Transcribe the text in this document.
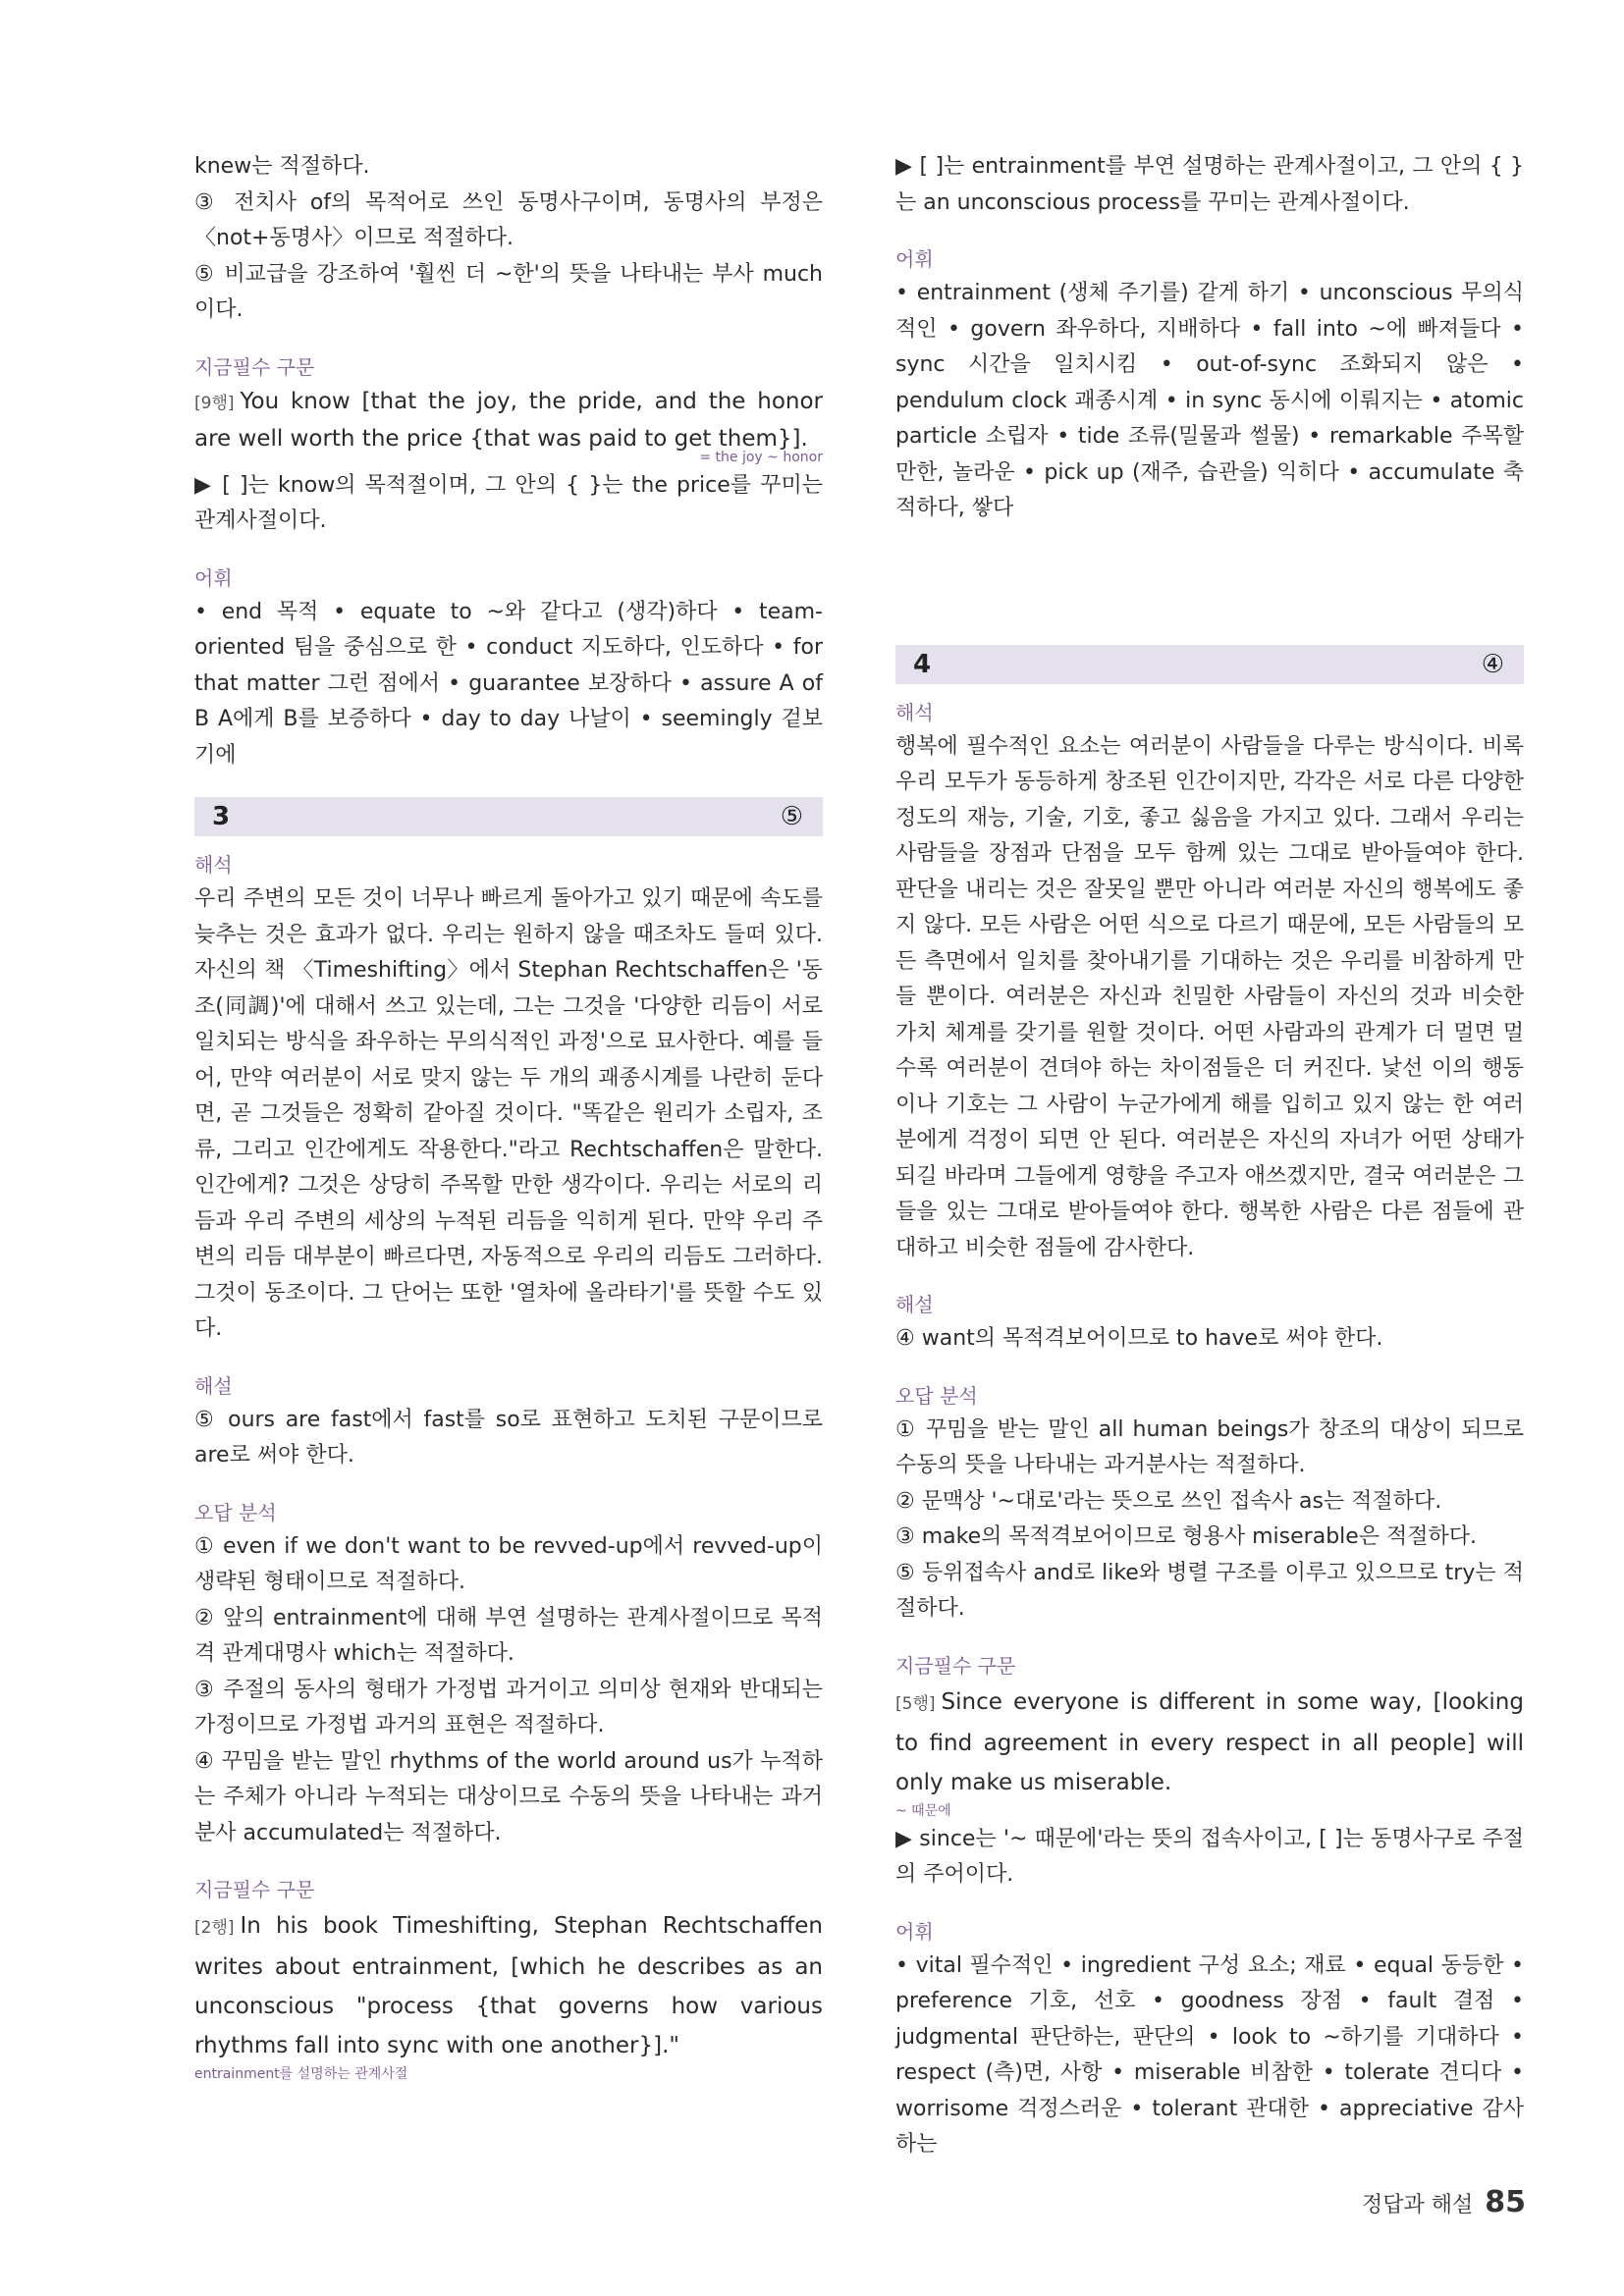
knew는 적절하다.

③ 전치사 of의 목적어로 쓰인 동명사구이며, 동명사의 부정은 〈not+동명사〉이므로 적절하다.

⑤ 비교급을 강조하여 '훨씬 더 ~한'의 뜻을 나타내는 부사 much이다.

지금필수 구문

[9행] You know [that the joy, the pride, and the honor are well worth the price {that was paid to get them}].

= the joy ~ honor

▶ [ ]는 know의 목적절이며, 그 안의 { }는 the price를 꾸미는 관계사절이다.

어휘

• end 목적 • equate to ~와 같다고 (생각)하다 • team-oriented 팀을 중심으로 한 • conduct 지도하다, 인도하다 • for that matter 그런 점에서 • guarantee 보장하다 • assure A of B A에게 B를 보증하다 • day to day 나날이 • seemingly 겉보기에

3	⑤
해석

우리 주변의 모든 것이 너무나 빠르게 돌아가고 있기 때문에 속도를 늦추는 것은 효과가 없다. 우리는 원하지 않을 때조차도 들떠 있다. 자신의 책 〈Timeshifting〉에서 Stephan Rechtschaffen은 '동조(同調)'에 대해서 쓰고 있는데, 그는 그것을 '다양한 리듬이 서로 일치되는 방식을 좌우하는 무의식적인 과정'으로 묘사한다. 예를 들어, 만약 여러분이 서로 맞지 않는 두 개의 괘종시계를 나란히 둔다면, 곧 그것들은 정확히 같아질 것이다. "똑같은 원리가 소립자, 조류, 그리고 인간에게도 작용한다."라고 Rechtschaffen은 말한다. 인간에게? 그것은 상당히 주목할 만한 생각이다. 우리는 서로의 리듬과 우리 주변의 세상의 누적된 리듬을 익히게 된다. 만약 우리 주변의 리듬 대부분이 빠르다면, 자동적으로 우리의 리듬도 그러하다. 그것이 동조이다. 그 단어는 또한 '열차에 올라타기'를 뜻할 수도 있다.

해설

⑤ ours are fast에서 fast를 so로 표현하고 도치된 구문이므로 are로 써야 한다.

오답 분석

① even if we don't want to be revved-up에서 revved-up이 생략된 형태이므로 적절하다.

② 앞의 entrainment에 대해 부연 설명하는 관계사절이므로 목적격 관계대명사 which는 적절하다.

③ 주절의 동사의 형태가 가정법 과거이고 의미상 현재와 반대되는 가정이므로 가정법 과거의 표현은 적절하다.

④ 꾸밈을 받는 말인 rhythms of the world around us가 누적하는 주체가 아니라 누적되는 대상이므로 수동의 뜻을 나타내는 과거분사 accumulated는 적절하다.

지금필수 구문

[2행] In his book Timeshifting, Stephan Rechtschaffen writes about entrainment, [which he describes as an unconscious "process {that governs how various rhythms fall into sync with one another}]."

entrainment를 설명하는 관계사절

▶ [ ]는 entrainment를 부연 설명하는 관계사절이고, 그 안의 { }는 an unconscious process를 꾸미는 관계사절이다.

어휘

• entrainment (생체 주기를) 같게 하기 • unconscious 무의식적인 • govern 좌우하다, 지배하다 • fall into ~에 빠져들다 • sync 시간을 일치시킴 • out-of-sync 조화되지 않은 • pendulum clock 괘종시계 • in sync 동시에 이뤄지는 • atomic particle 소립자 • tide 조류(밀물과 썰물) • remarkable 주목할 만한, 놀라운 • pick up (재주, 습관을) 익히다 • accumulate 축적하다, 쌓다

4	④
해석

행복에 필수적인 요소는 여러분이 사람들을 다루는 방식이다. 비록 우리 모두가 동등하게 창조된 인간이지만, 각각은 서로 다른 다양한 정도의 재능, 기술, 기호, 좋고 싫음을 가지고 있다. 그래서 우리는 사람들을 장점과 단점을 모두 함께 있는 그대로 받아들여야 한다. 판단을 내리는 것은 잘못일 뿐만 아니라 여러분 자신의 행복에도 좋지 않다. 모든 사람은 어떤 식으로 다르기 때문에, 모든 사람들의 모든 측면에서 일치를 찾아내기를 기대하는 것은 우리를 비참하게 만들 뿐이다. 여러분은 자신과 친밀한 사람들이 자신의 것과 비슷한 가치 체계를 갖기를 원할 것이다. 어떤 사람과의 관계가 더 멀면 멀수록 여러분이 견뎌야 하는 차이점들은 더 커진다. 낯선 이의 행동이나 기호는 그 사람이 누군가에게 해를 입히고 있지 않는 한 여러분에게 걱정이 되면 안 된다. 여러분은 자신의 자녀가 어떤 상태가 되길 바라며 그들에게 영향을 주고자 애쓰겠지만, 결국 여러분은 그들을 있는 그대로 받아들여야 한다. 행복한 사람은 다른 점들에 관대하고 비슷한 점들에 감사한다.

해설

④ want의 목적격보어이므로 to have로 써야 한다.

오답 분석

① 꾸밈을 받는 말인 all human beings가 창조의 대상이 되므로 수동의 뜻을 나타내는 과거분사는 적절하다.

② 문맥상 '~대로'라는 뜻으로 쓰인 접속사 as는 적절하다.

③ make의 목적격보어이므로 형용사 miserable은 적절하다.

⑤ 등위접속사 and로 like와 병렬 구조를 이루고 있으므로 try는 적절하다.

지금필수 구문

[5행] Since everyone is different in some way, [looking to find agreement in every respect in all people] will only make us miserable.

~ 때문에

▶ since는 '~ 때문에'라는 뜻의 접속사이고, [ ]는 동명사구로 주절의 주어이다.

어휘

• vital 필수적인 • ingredient 구성 요소; 재료 • equal 동등한 • preference 기호, 선호 • goodness 장점 • fault 결점 • judgmental 판단하는, 판단의 • look to ~하기를 기대하다 • respect (측)면, 사항 • miserable 비참한 • tolerate 견디다 • worrisome 걱정스러운 • tolerant 관대한 • appreciative 감사하는

정답과 해설 85
